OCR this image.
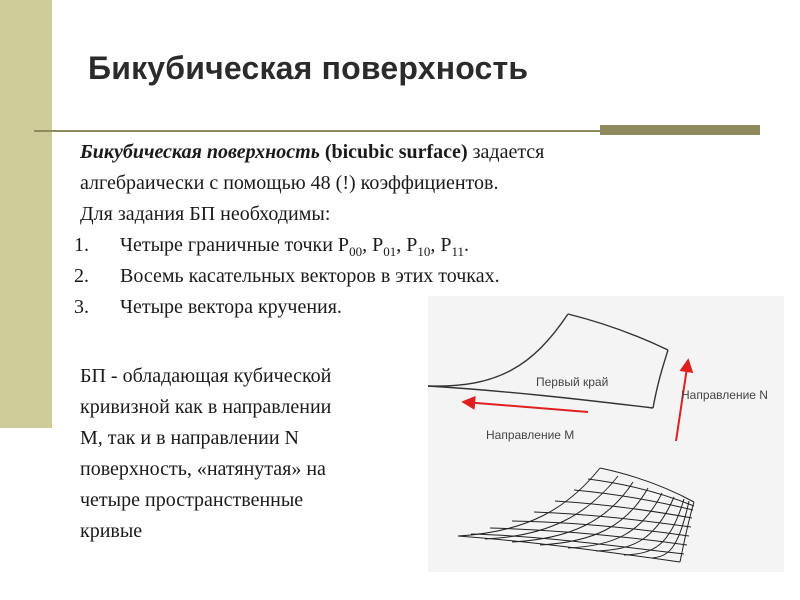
Бикубическая поверхность

Бикубическая поверхность (bicubic surface) задается

алгебраически с помощью 48 (!) коэффициентов.

Для задания БП необходимы:

1.	Четыре граничные точки $P_{00}$, $P_{01}$, $P_{10}$, $P_{11}$.
2.	Восемь касательных векторов в этих точках.
3.	Четыре вектора кручения.

БП - обладающая кубической

кривизной как в направлении

M, так и в направлении N

поверхность, «натянутая» на

четыре пространственные

кривые

Первый край
Направление N
Направление M
